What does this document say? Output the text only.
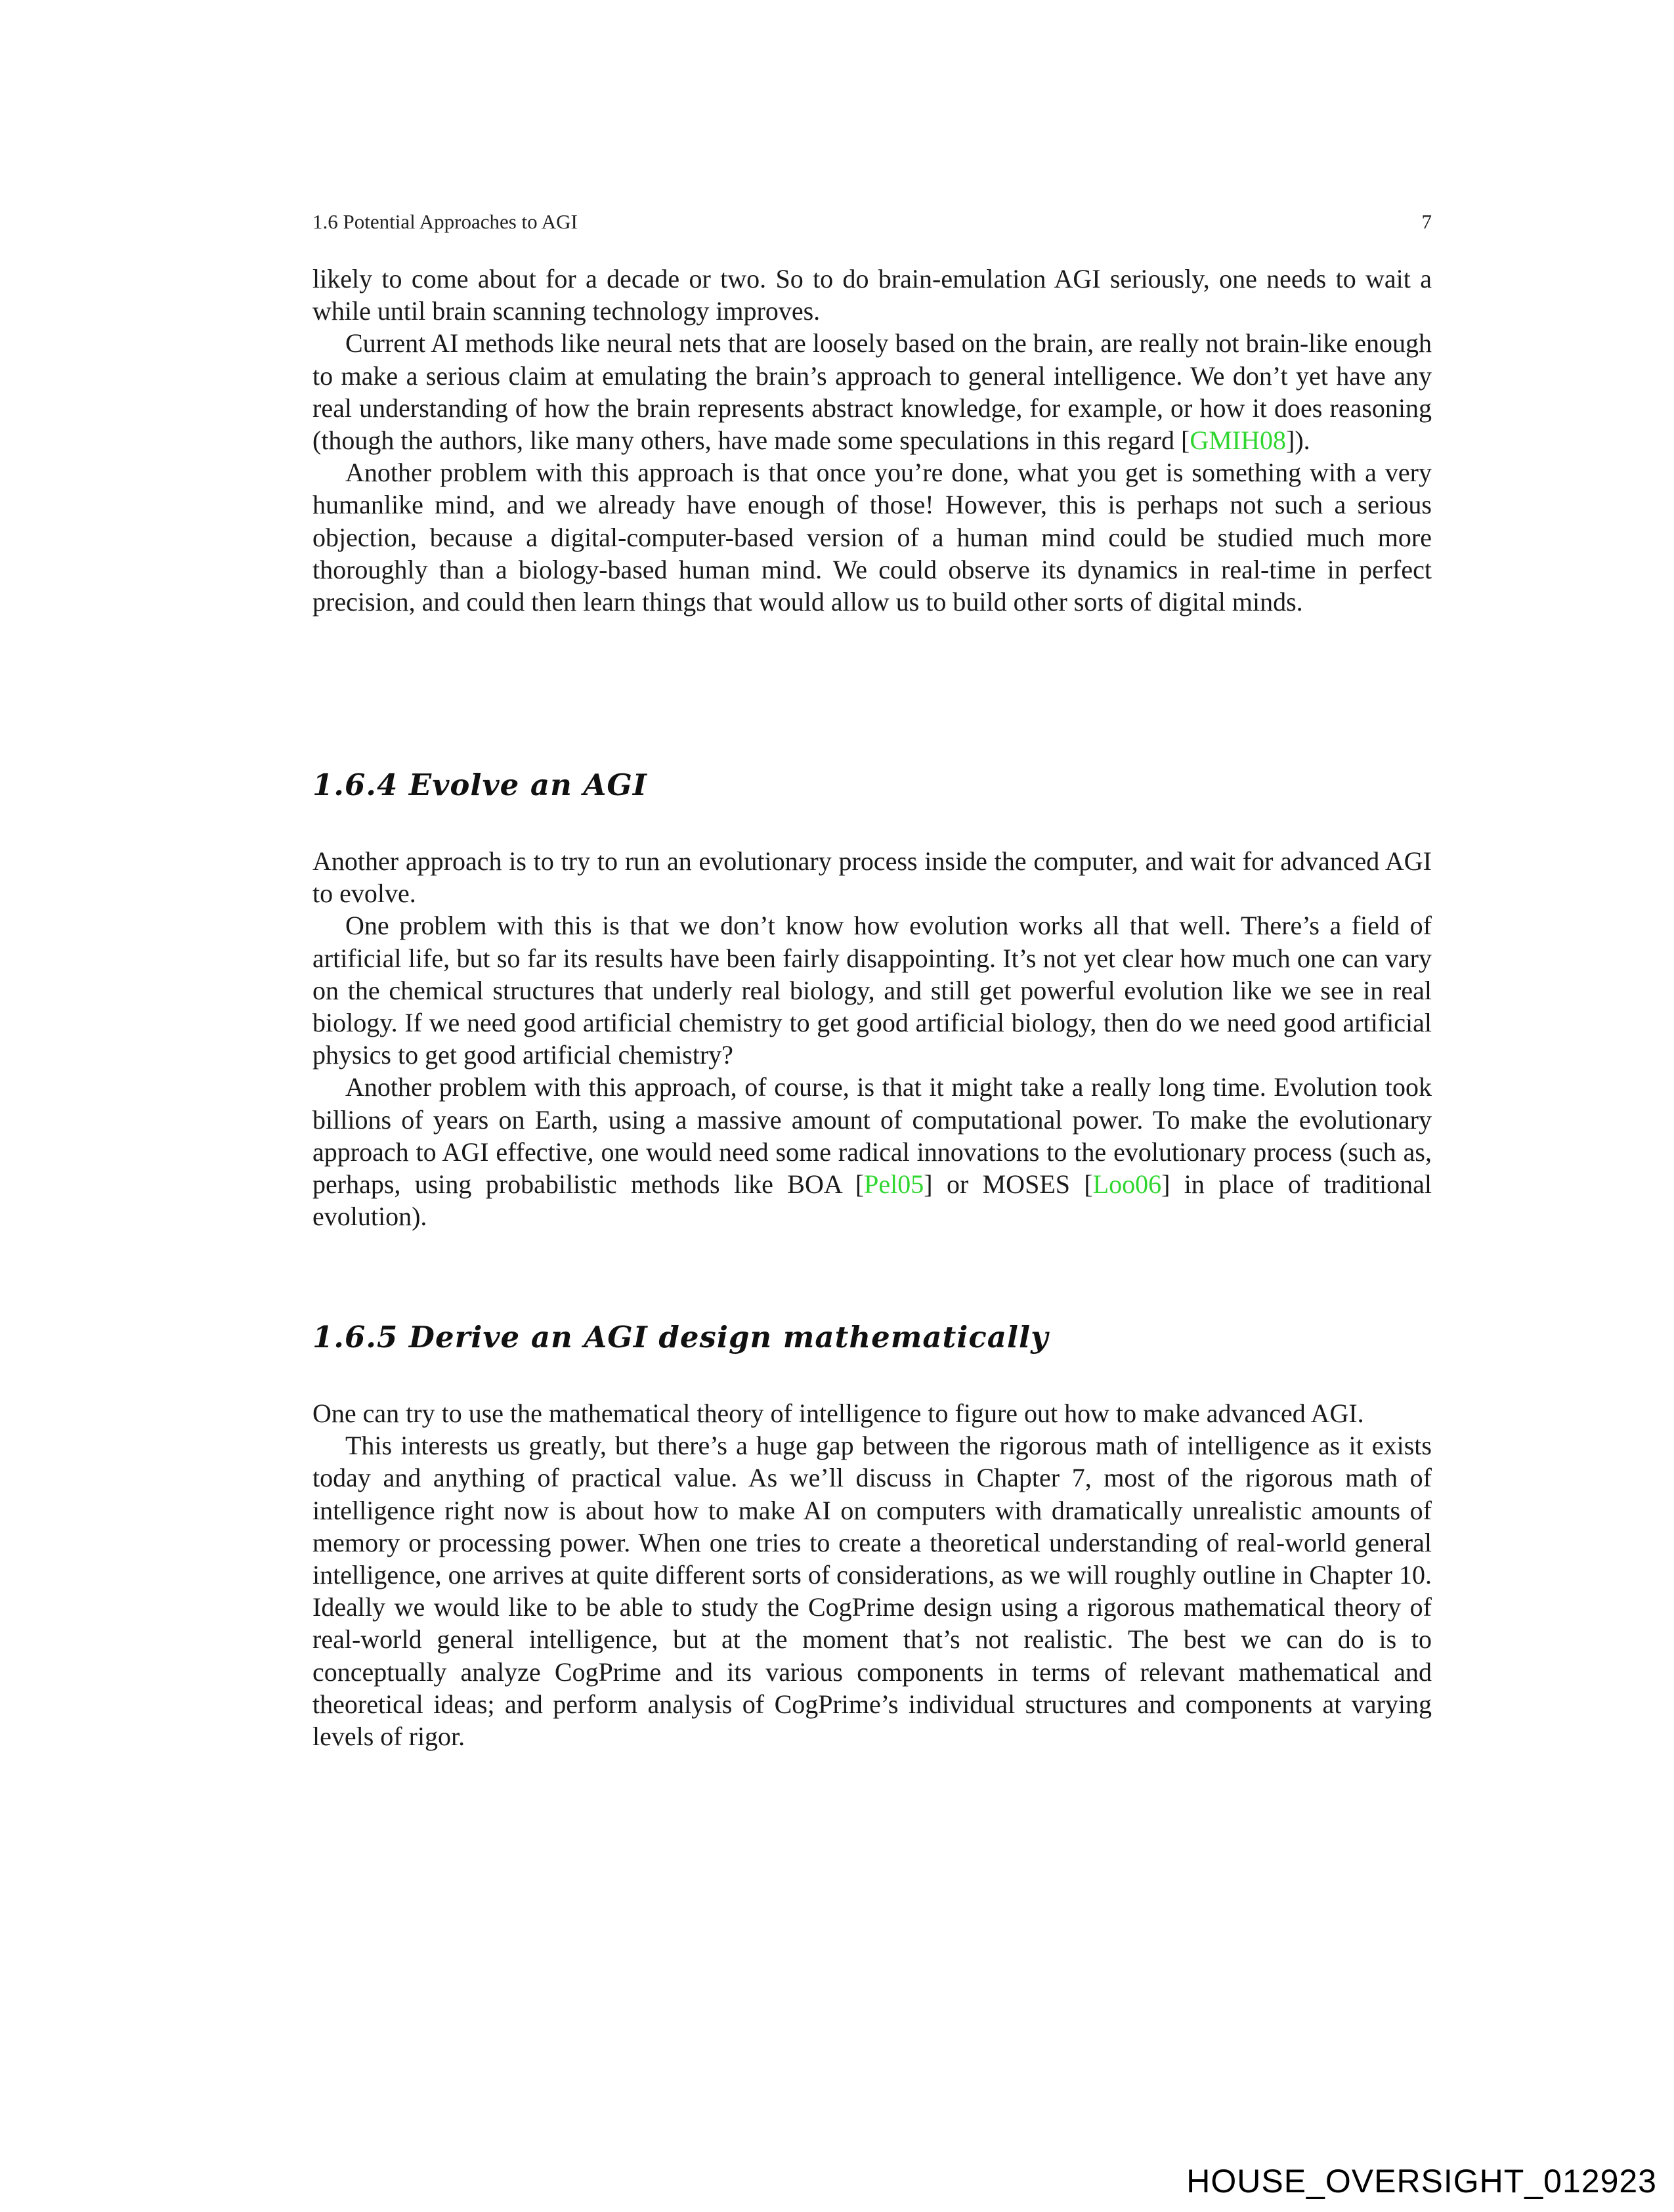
1.6 Potential Approaches to AGI	7

likely to come about for a decade or two. So to do brain-emulation AGI seriously, one needs to wait a while until brain scanning technology improves.

Current AI methods like neural nets that are loosely based on the brain, are really not brain-like enough to make a serious claim at emulating the brain’s approach to general intelligence. We don’t yet have any real understanding of how the brain represents abstract knowledge, for example, or how it does reasoning (though the authors, like many others, have made some speculations in this regard [GMIH08]).

Another problem with this approach is that once you’re done, what you get is something with a very humanlike mind, and we already have enough of those! However, this is perhaps not such a serious objection, because a digital-computer-based version of a human mind could be studied much more thoroughly than a biology-based human mind. We could observe its dynamics in real-time in perfect precision, and could then learn things that would allow us to build other sorts of digital minds.

1.6.4 Evolve an AGI

Another approach is to try to run an evolutionary process inside the computer, and wait for advanced AGI to evolve.

One problem with this is that we don’t know how evolution works all that well. There’s a field of artificial life, but so far its results have been fairly disappointing. It’s not yet clear how much one can vary on the chemical structures that underly real biology, and still get powerful evolution like we see in real biology. If we need good artificial chemistry to get good artificial biology, then do we need good artificial physics to get good artificial chemistry?

Another problem with this approach, of course, is that it might take a really long time. Evolution took billions of years on Earth, using a massive amount of computational power. To make the evolutionary approach to AGI effective, one would need some radical innovations to the evolutionary process (such as, perhaps, using probabilistic methods like BOA [Pel05] or MOSES [Loo06] in place of traditional evolution).

1.6.5 Derive an AGI design mathematically

One can try to use the mathematical theory of intelligence to figure out how to make advanced AGI.

This interests us greatly, but there’s a huge gap between the rigorous math of intelligence as it exists today and anything of practical value. As we’ll discuss in Chapter 7, most of the rigorous math of intelligence right now is about how to make AI on computers with dramatically unrealistic amounts of memory or processing power. When one tries to create a theoretical understanding of real-world general intelligence, one arrives at quite different sorts of considerations, as we will roughly outline in Chapter 10. Ideally we would like to be able to study the CogPrime design using a rigorous mathematical theory of real-world general intelligence, but at the moment that’s not realistic. The best we can do is to conceptually analyze CogPrime and its various components in terms of relevant mathematical and theoretical ideas; and perform analysis of CogPrime’s individual structures and components at varying levels of rigor.

HOUSE_OVERSIGHT_012923
